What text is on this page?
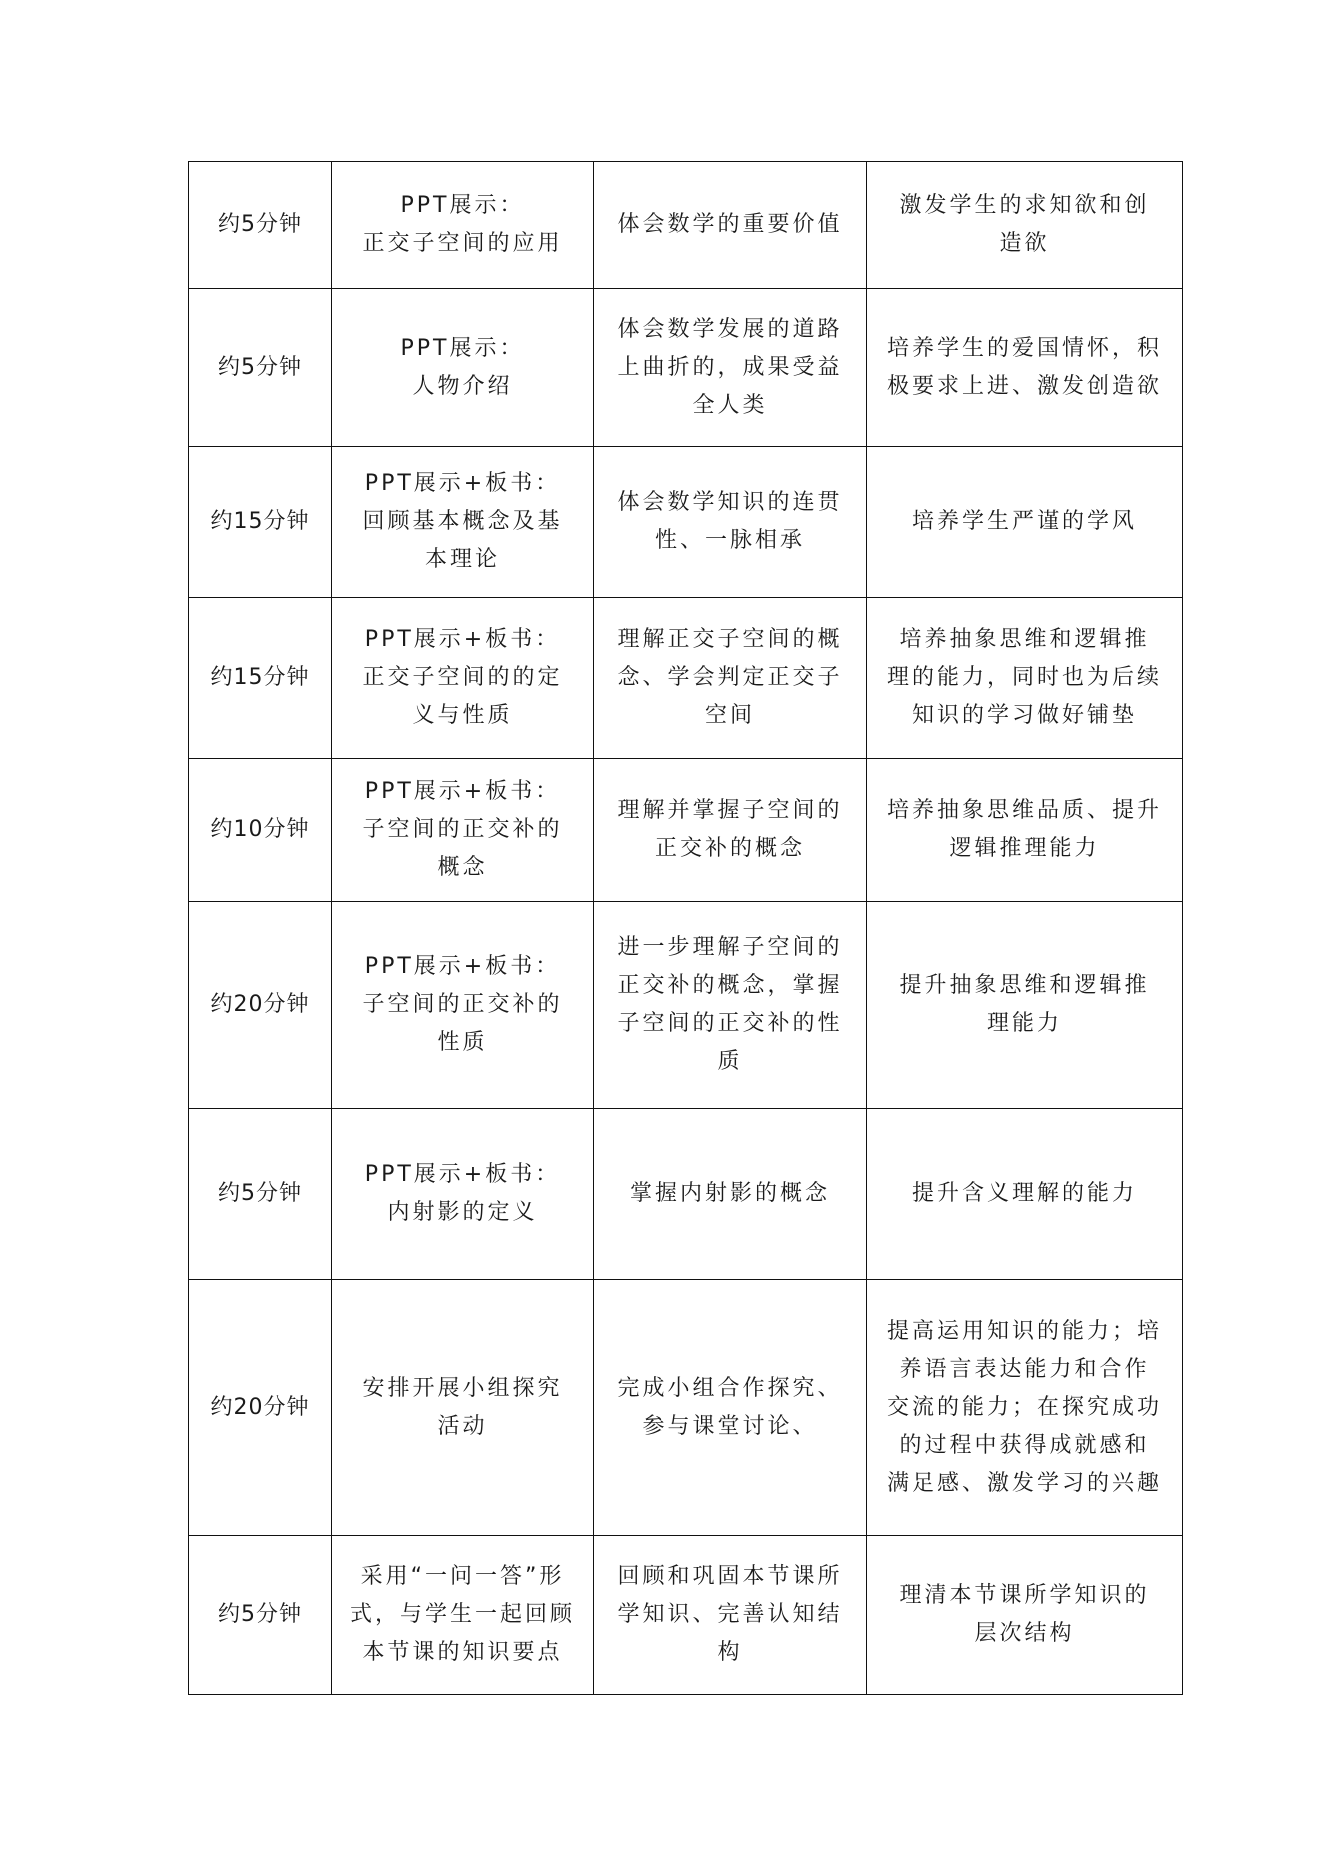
约5分钟	PPT展示：
正交子空间的应用	体会数学的重要价值	激发学生的求知欲和创
造欲
约5分钟	PPT展示：
人物介绍	体会数学发展的道路
上曲折的，成果受益
全人类	培养学生的爱国情怀，积
极要求上进、激发创造欲
约15分钟	PPT展示+板书：
回顾基本概念及基
本理论	体会数学知识的连贯
性、一脉相承	培养学生严谨的学风
约15分钟	PPT展示+板书：
正交子空间的的定
义与性质	理解正交子空间的概
念、学会判定正交子
空间	培养抽象思维和逻辑推
理的能力，同时也为后续
知识的学习做好铺垫
约10分钟	PPT展示+板书：
子空间的正交补的
概念	理解并掌握子空间的
正交补的概念	培养抽象思维品质、提升
逻辑推理能力
约20分钟	PPT展示+板书：
子空间的正交补的
性质	进一步理解子空间的
正交补的概念，掌握
子空间的正交补的性
质	提升抽象思维和逻辑推
理能力
约5分钟	PPT展示+板书：
内射影的定义	掌握内射影的概念	提升含义理解的能力
约20分钟	安排开展小组探究
活动	完成小组合作探究、
参与课堂讨论、	提高运用知识的能力；培
养语言表达能力和合作
交流的能力；在探究成功
的过程中获得成就感和
满足感、激发学习的兴趣
约5分钟	采用“一问一答”形
式，与学生一起回顾
本节课的知识要点	回顾和巩固本节课所
学知识、完善认知结
构	理清本节课所学知识的
层次结构
